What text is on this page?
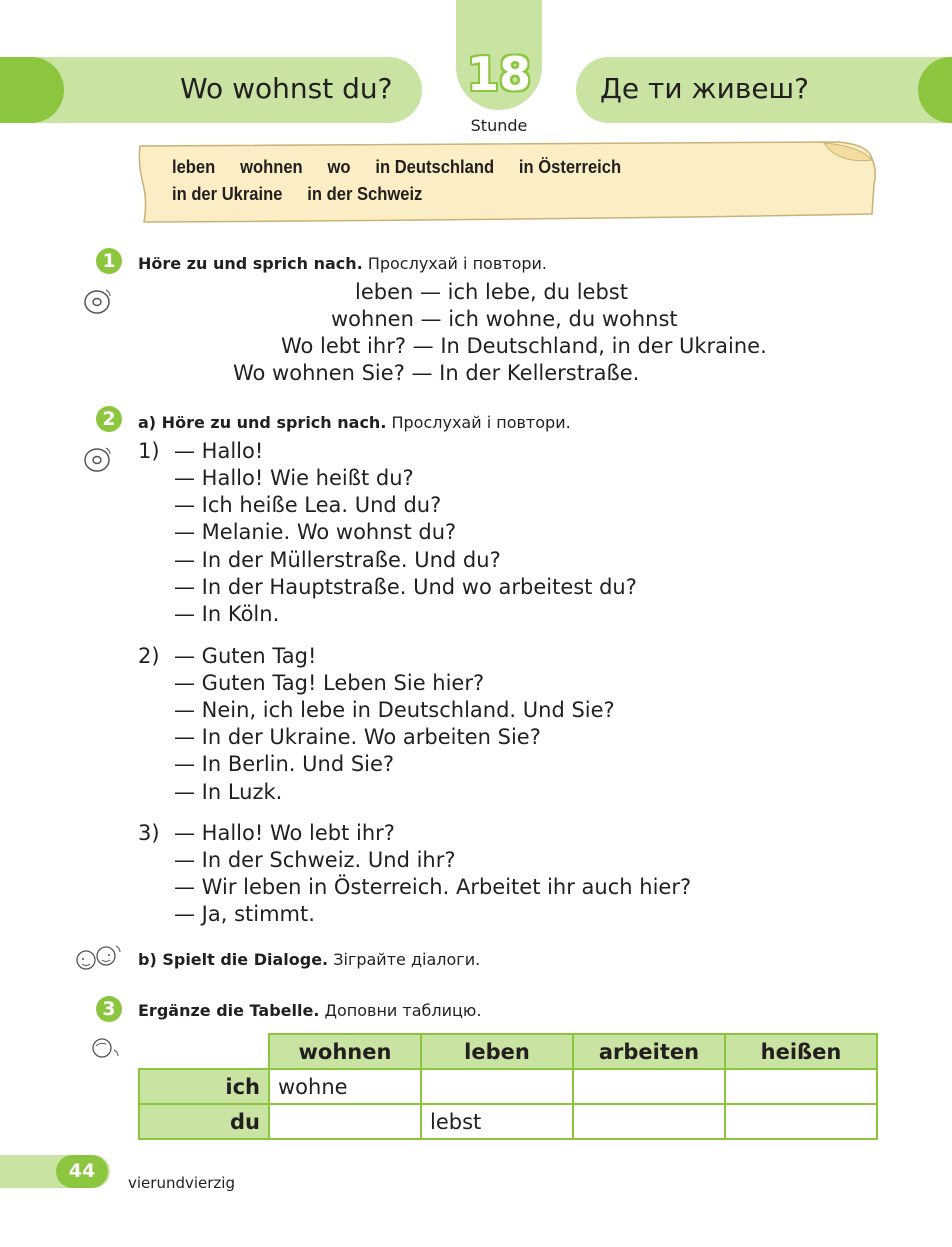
18
Stunde
Wo wohnst du?	Де ти живеш?
leben wohnen wo in Deutschland in Österreich
in der Ukraine in der Schweiz
1	Höre zu und sprich nach. Прослухай і повтори.
leben — ich lebe, du lebst
wohnen — ich wohne, du wohnst
Wo lebt ihr? — In Deutschland, in der Ukraine.
Wo wohnen Sie? — In der Kellerstraße.
2	a) Höre zu und sprich nach. Прослухай і повтори.
1) — Hallo!
— Hallo! Wie heißt du?
— Ich heiße Lea. Und du?
— Melanie. Wo wohnst du?
— In der Müllerstraße. Und du?
— In der Hauptstraße. Und wo arbeitest du?
— In Köln.
2) — Guten Tag!
— Guten Tag! Leben Sie hier?
— Nein, ich lebe in Deutschland. Und Sie?
— In der Ukraine. Wo arbeiten Sie?
— In Berlin. Und Sie?
— In Luzk.
3) — Hallo! Wo lebt ihr?
— In der Schweiz. Und ihr?
— Wir leben in Österreich. Arbeitet ihr auch hier?
— Ja, stimmt.
b) Spielt die Dialoge. Зіграйте діалоги.
3	Ergänze die Tabelle. Доповни таблицю.
	wohnen	leben	arbeiten	heißen
ich	wohne			
du		lebst		
44
vierundvierzig
